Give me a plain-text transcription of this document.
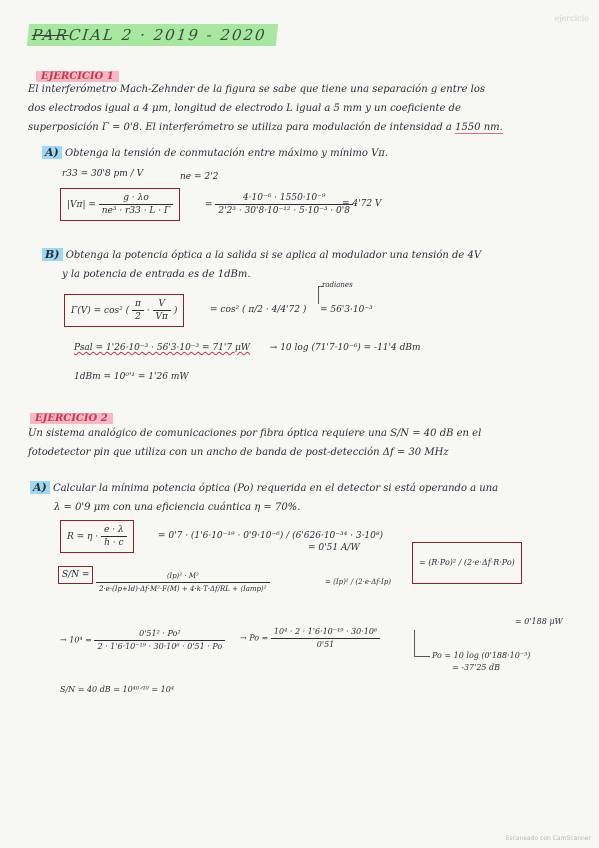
ejercicio
PARCIAL 2 · 2019 - 2020
EJERCICIO 1
El interferómetro Mach-Zehnder de la figura se sabe que tiene una separación g entre los
dos electrodos igual a 4 μm, longitud de electrodo L igual a 5 mm y un coeficiente de
superposición Γ = 0'8. El interferómetro se utiliza para modulación de intensidad a 1550 nm.
A) Obtenga la tensión de conmutación entre máximo y mínimo Vπ.
r33 = 30'8 pm / V	ne = 2'2
$|V\pi| = \frac{g \cdot \lambda o}{\text{ne³ · r33 · L · Γ}}$	= $\frac{\text{4·10⁻⁶ · 1550·10⁻⁹}}{\text{2'2³ · 30'8·10⁻¹² · 5·10⁻³ · 0'8}}$
= 4'72 V
B) Obtenga la potencia óptica a la salida si se aplica al modulador una tensión de 4V
y la potencia de entrada es de 1dBm.
radianes
Γ(V) = cos² ( $\frac{\pi}{2} \cdot \frac{V}{V\pi}$ )	= cos² ( π/2 · 4/4'72 ) = 56'3·10⁻³
Psal = 1'26·10⁻³ · 56'3·10⁻³ = 71'7 μW → 10 log (71'7·10⁻⁶) = -11'4 dBm
1dBm = 10⁰'¹ = 1'26 mW
EJERCICIO 2
Un sistema analógico de comunicaciones por fibra óptica requiere una S/N = 40 dB en el
fotodetector pin que utiliza con un ancho de banda de post-detección Δf = 30 MHz
A) Calcular la mínima potencia óptica (Po) requerida en el detector si está operando a una
λ = 0'9 μm con una eficiencia cuántica η = 70%.
$R = \eta \cdot \frac{e \cdot \lambda}{h \cdot c}$	= 0'7 · (1'6·10⁻¹⁹ · 0'9·10⁻⁶) / (6'626·10⁻³⁴ · 3·10⁸)
= 0'51 A/W
$S/N = \frac{\text{⟨Ip⟩² · M²}}{\text{2·e·(Ip+Id)·Δf·M²·F(M) + 4·k·T·Δf/RL + ⟨Iamp⟩²}}$	= (Ip)² / (2·e·Δf·Ip)
= (R·Po)² / (2·e·Δf·R·Po)
→ $10^4 = \frac{\text{0'51² · Po²}}{\text{2 · 1'6·10⁻¹⁹ · 30·10⁶ · 0'51 · Po}} \to Po = \frac{\text{10⁴ · 2 · 1'6·10⁻¹⁹ · 30·10⁶}}{0'51}$
= 0'188 μW
Po = 10 log (0'188·10⁻³)
= -37'25 dB
S/N = 40 dB = 10⁴⁰ᐟ¹⁰ = 10⁴
Escaneado con CamScanner
